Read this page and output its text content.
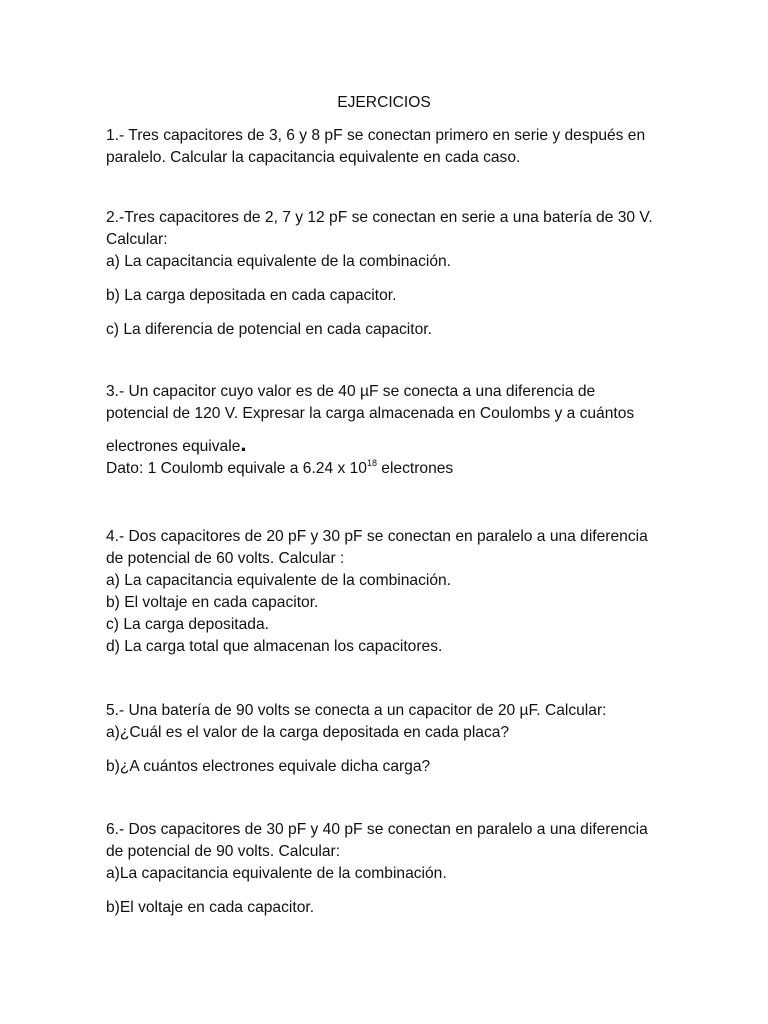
EJERCICIOS
1.- Tres capacitores de 3, 6 y 8 pF se conectan primero en serie y después en
paralelo. Calcular la capacitancia equivalente en cada caso.
2.-Tres capacitores de 2, 7 y 12 pF se conectan en serie a una batería de 30 V.
Calcular:
a) La capacitancia equivalente de la combinación.
b) La carga depositada en cada capacitor.
c) La diferencia de potencial en cada capacitor.
3.- Un capacitor cuyo valor es de 40 µF se conecta a una diferencia de
potencial de 120 V. Expresar la carga almacenada en Coulombs y a cuántos
electrones equivale.
Dato: 1 Coulomb equivale a 6.24 x $10^{18}$ electrones
4.- Dos capacitores de 20 pF y 30 pF se conectan en paralelo a una diferencia
de potencial de 60 volts. Calcular :
a) La capacitancia equivalente de la combinación.
b) El voltaje en cada capacitor.
c) La carga depositada.
d) La carga total que almacenan los capacitores.
5.- Una batería de 90 volts se conecta a un capacitor de 20 µF. Calcular:
a)¿Cuál es el valor de la carga depositada en cada placa?
b)¿A cuántos electrones equivale dicha carga?
6.- Dos capacitores de 30 pF y 40 pF se conectan en paralelo a una diferencia
de potencial de 90 volts. Calcular:
a)La capacitancia equivalente de la combinación.
b)El voltaje en cada capacitor.
